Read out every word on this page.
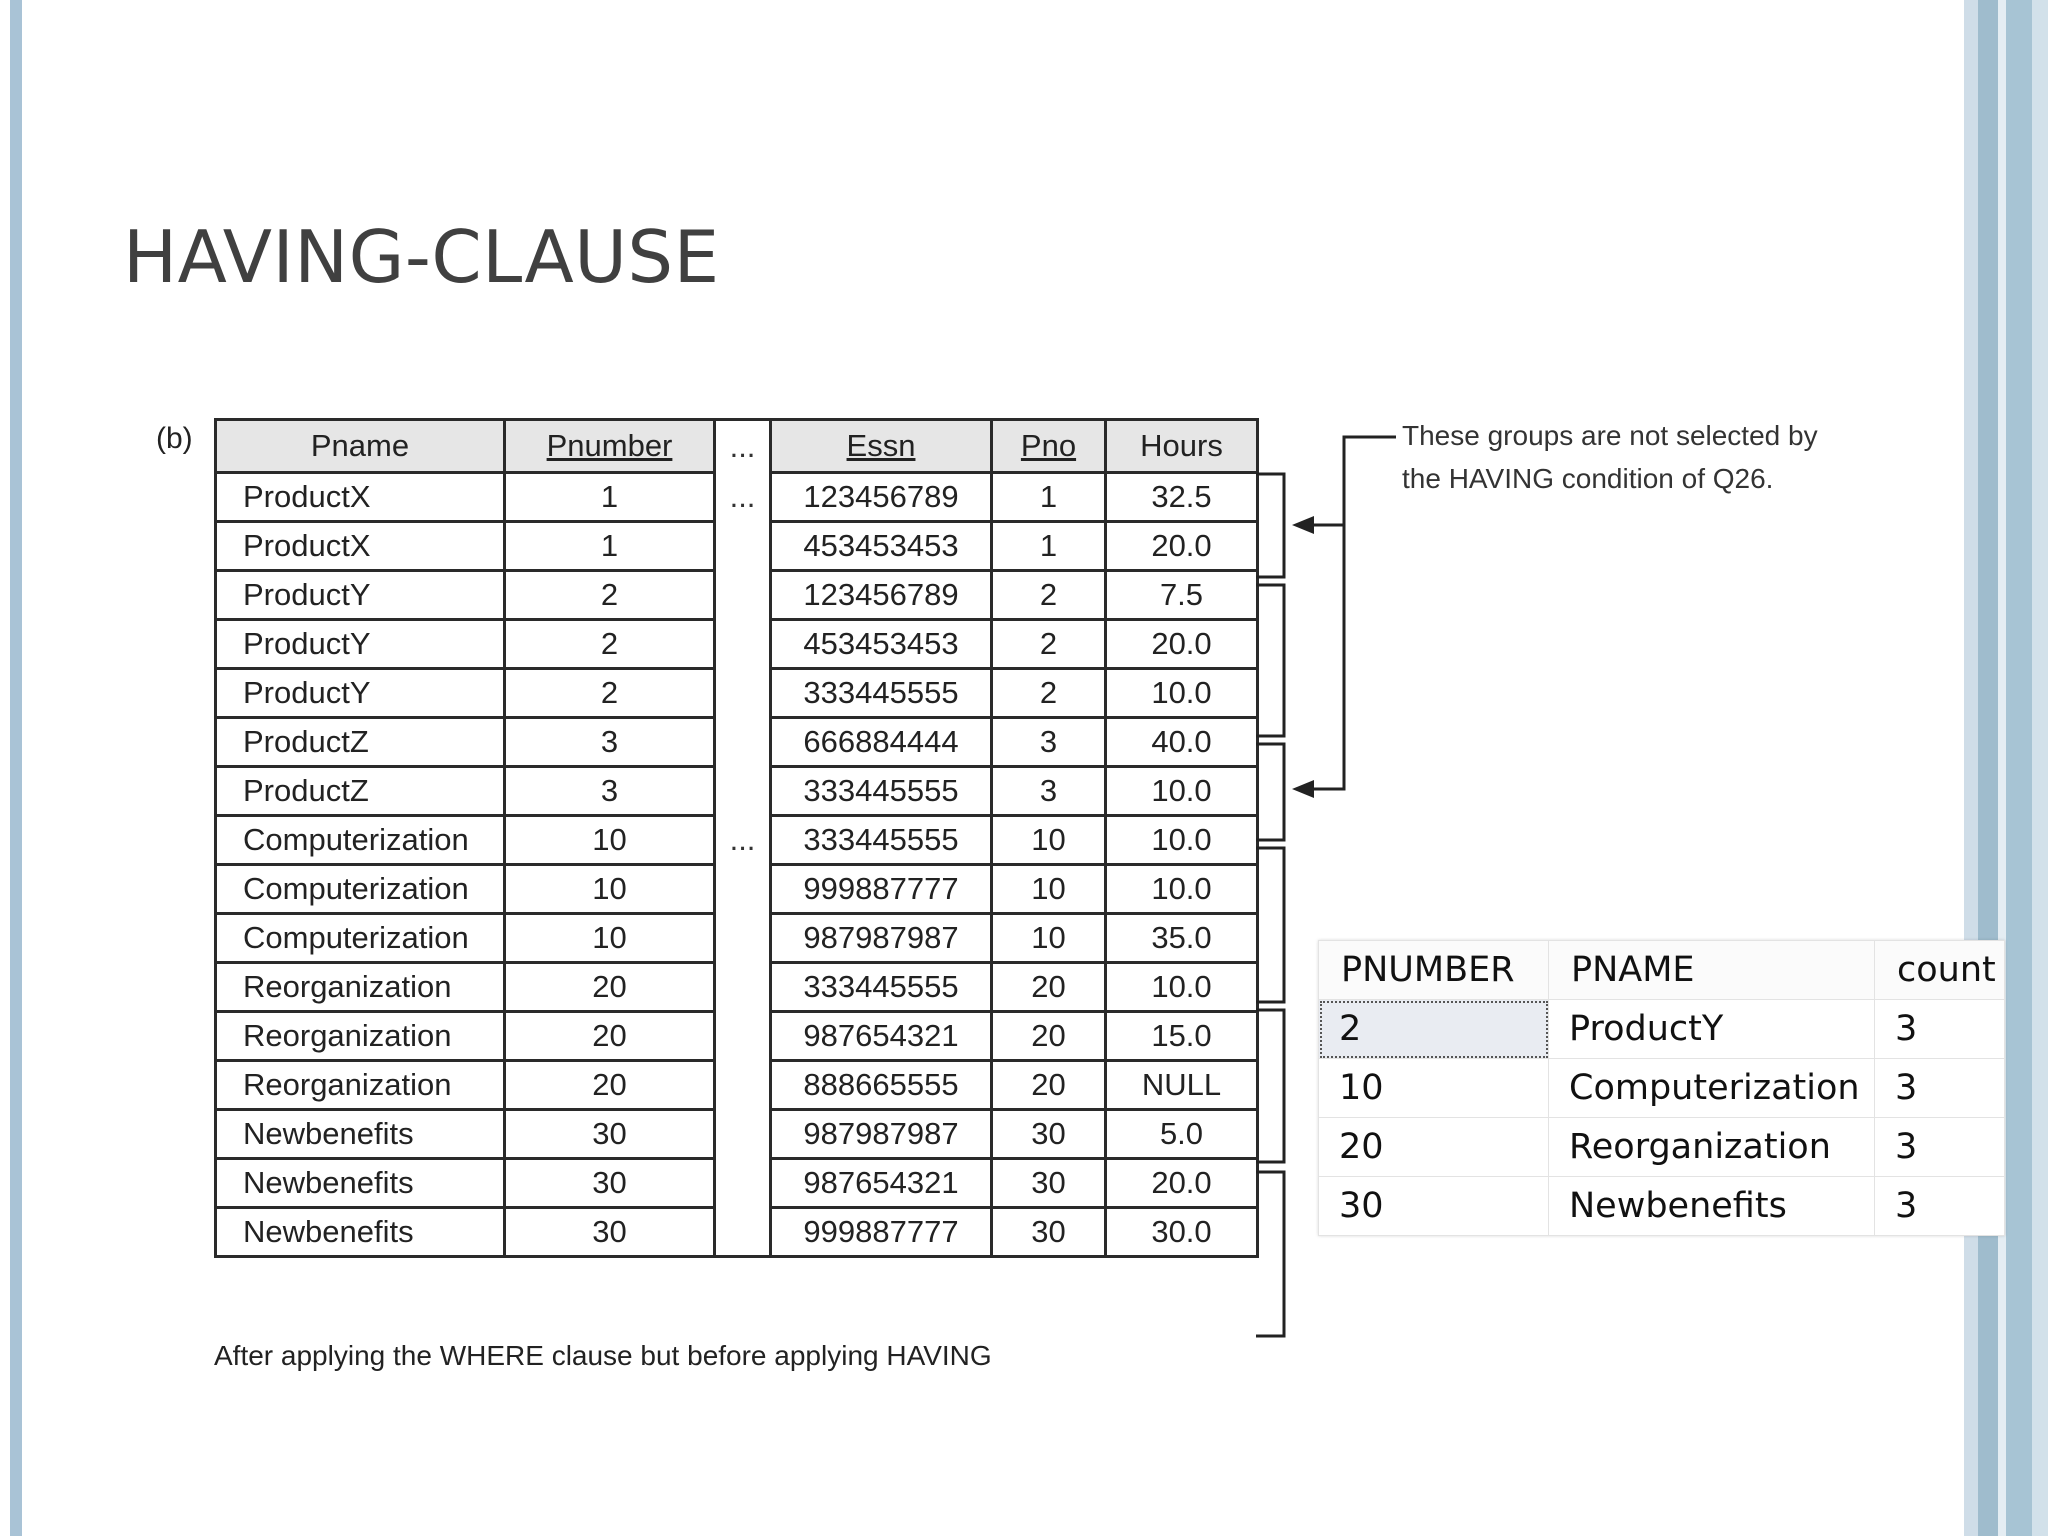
HAVING-CLAUSE
(b)	Pname	Pnumber	...	Essn	Pno	Hours
ProductX	1	...	123456789	1	32.5
ProductX	1		453453453	1	20.0
ProductY	2		123456789	2	7.5
ProductY	2		453453453	2	20.0
ProductY	2		333445555	2	10.0
ProductZ	3		666884444	3	40.0
ProductZ	3		333445555	3	10.0
Computerization	10	...	333445555	10	10.0
Computerization	10		999887777	10	10.0
Computerization	10		987987987	10	35.0
Reorganization	20		333445555	20	10.0
Reorganization	20		987654321	20	15.0
Reorganization	20		888665555	20	NULL
Newbenefits	30		987987987	30	5.0
Newbenefits	30		987654321	30	20.0
Newbenefits	30		999887777	30	30.0
After applying the WHERE clause but before applying HAVING
These groups are not selected by
the HAVING condition of Q26.
PNUMBER	PNAME	count
2	ProductY	3
10	Computerization	3
20	Reorganization	3
30	Newbenefits	3
